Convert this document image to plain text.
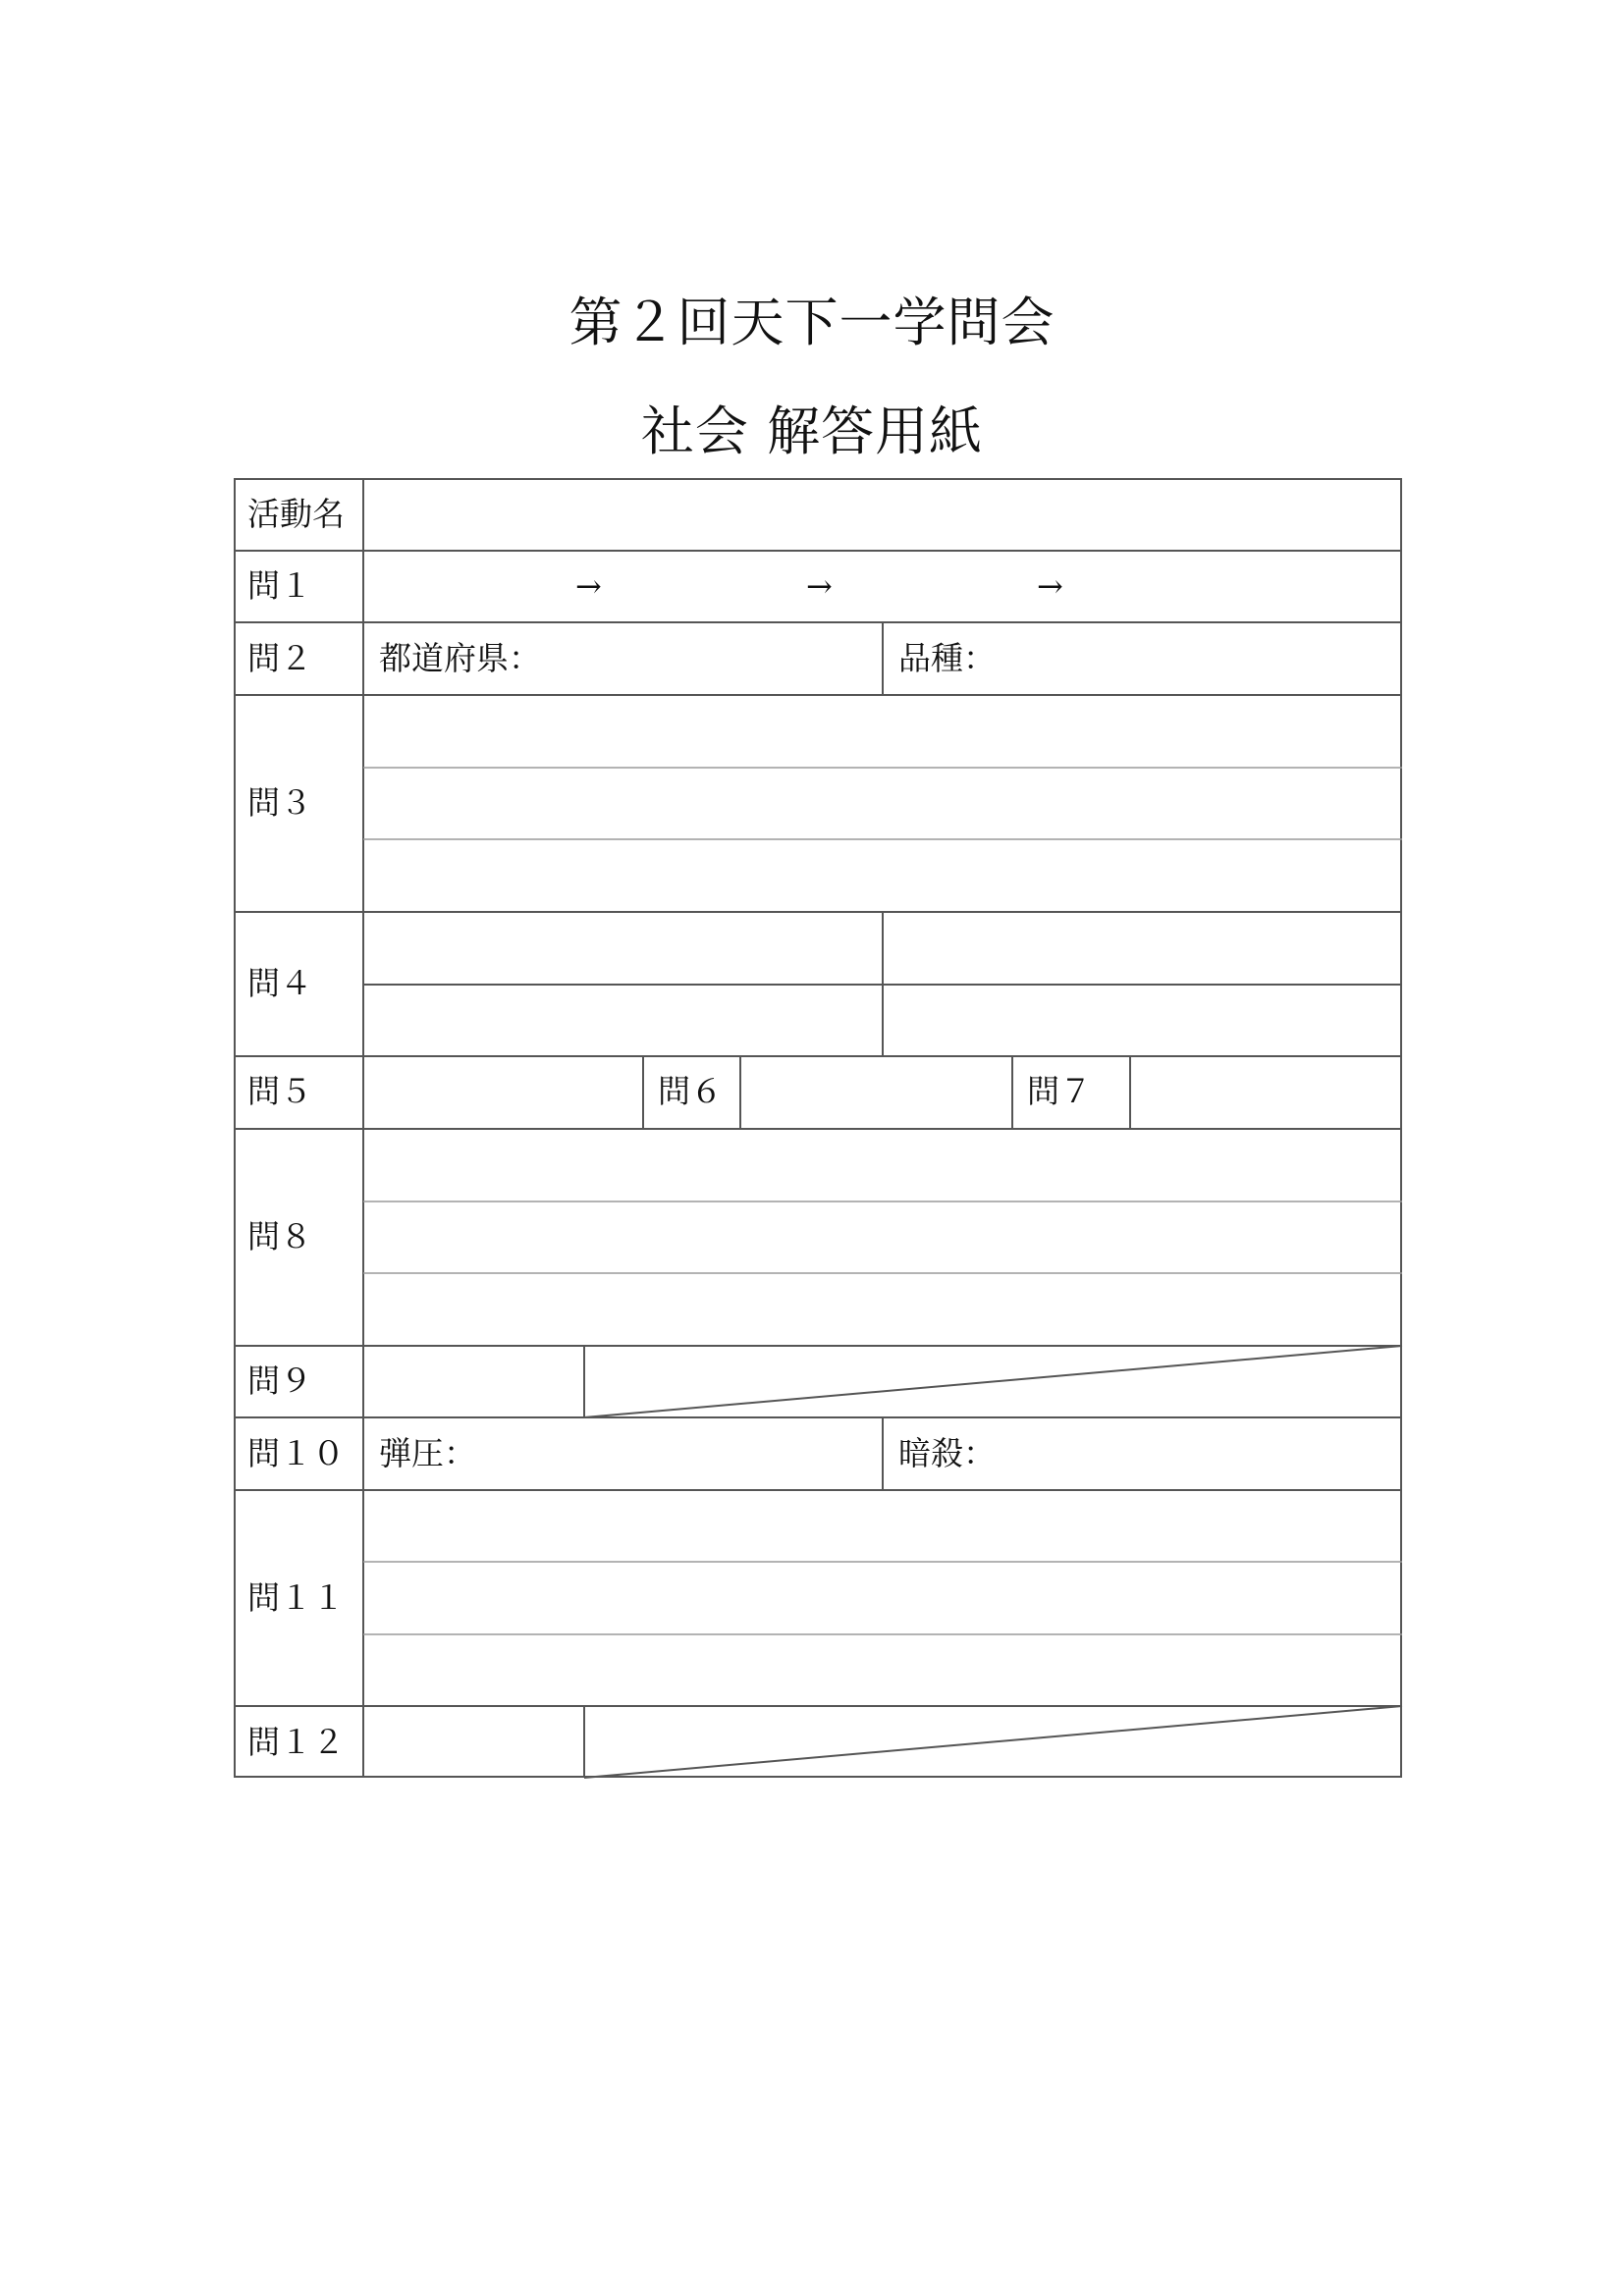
第２回天下一学問会
社会 解答用紙
活動名
問１	→	→	→
問２ 都道府県：	品種：
問３
問４
問５	問６	問７
問８
問９
問１０ 弾圧：	暗殺：
問１１
問１２
